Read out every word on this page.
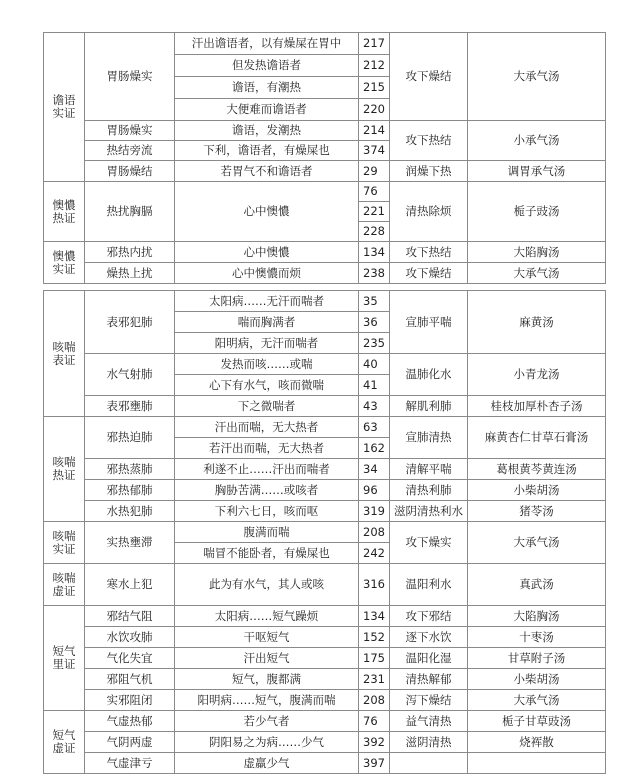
谵语
实证	胃肠燥实	汗出谵语者，以有燥屎在胃中	217	攻下燥结	大承气汤
		但发热谵语者	212		
		谵语，有潮热	215		
		大便难而谵语者	220		
	胃肠燥实	谵语，发潮热	214	攻下热结	小承气汤
	热结旁流	下利，谵语者，有燥屎也	374		
	胃肠燥结	若胃气不和谵语者	29	润燥下热	调胃承气汤
懊憹
热证	热扰胸膈	心中懊憹	76	清热除烦	栀子豉汤
			221		
			228		
懊憹
实证	邪热内扰	心中懊憹	134	攻下热结	大陷胸汤
	燥热上扰	心中懊憹而烦	238	攻下燥结	大承气汤
咳喘
表证	表邪犯肺	太阳病……无汗而喘者	35	宣肺平喘	麻黄汤
		喘而胸满者	36		
		阳明病，无汗而喘者	235		
	水气射肺	发热而咳……或喘	40	温肺化水	小青龙汤
		心下有水气，咳而微喘	41		
	表邪壅肺	下之微喘者	43	解肌利肺	桂枝加厚朴杏子汤
咳喘
热证	邪热迫肺	汗出而喘，无大热者	63	宣肺清热	麻黄杏仁甘草石膏汤
		若汗出而喘，无大热者	162		
	邪热蒸肺	利遂不止……汗出而喘者	34	清解平喘	葛根黄芩黄连汤
	邪热郁肺	胸胁苦满……或咳者	96	清热利肺	小柴胡汤
	水热犯肺	下利六七日，咳而呕	319	滋阴清热利水	猪苓汤
咳喘
实证	实热壅滞	腹满而喘	208	攻下燥实	大承气汤
		喘冒不能卧者，有燥屎也	242		
咳喘
虚证	寒水上犯	此为有水气，其人或咳	316	温阳利水	真武汤
短气
里证	邪结气阻	太阳病……短气躁烦	134	攻下邪结	大陷胸汤
	水饮攻肺	干呕短气	152	逐下水饮	十枣汤
	气化失宜	汗出短气	175	温阳化湿	甘草附子汤
	邪阻气机	短气，腹都满	231	清热解郁	小柴胡汤
	实邪阻闭	阳明病……短气，腹满而喘	208	泻下燥结	大承气汤
短气
虚证	气虚热郁	若少气者	76	益气清热	栀子甘草豉汤
	气阴两虚	阴阳易之为病……少气	392	滋阴清热	烧裈散
	气虚津亏	虚羸少气	397		
